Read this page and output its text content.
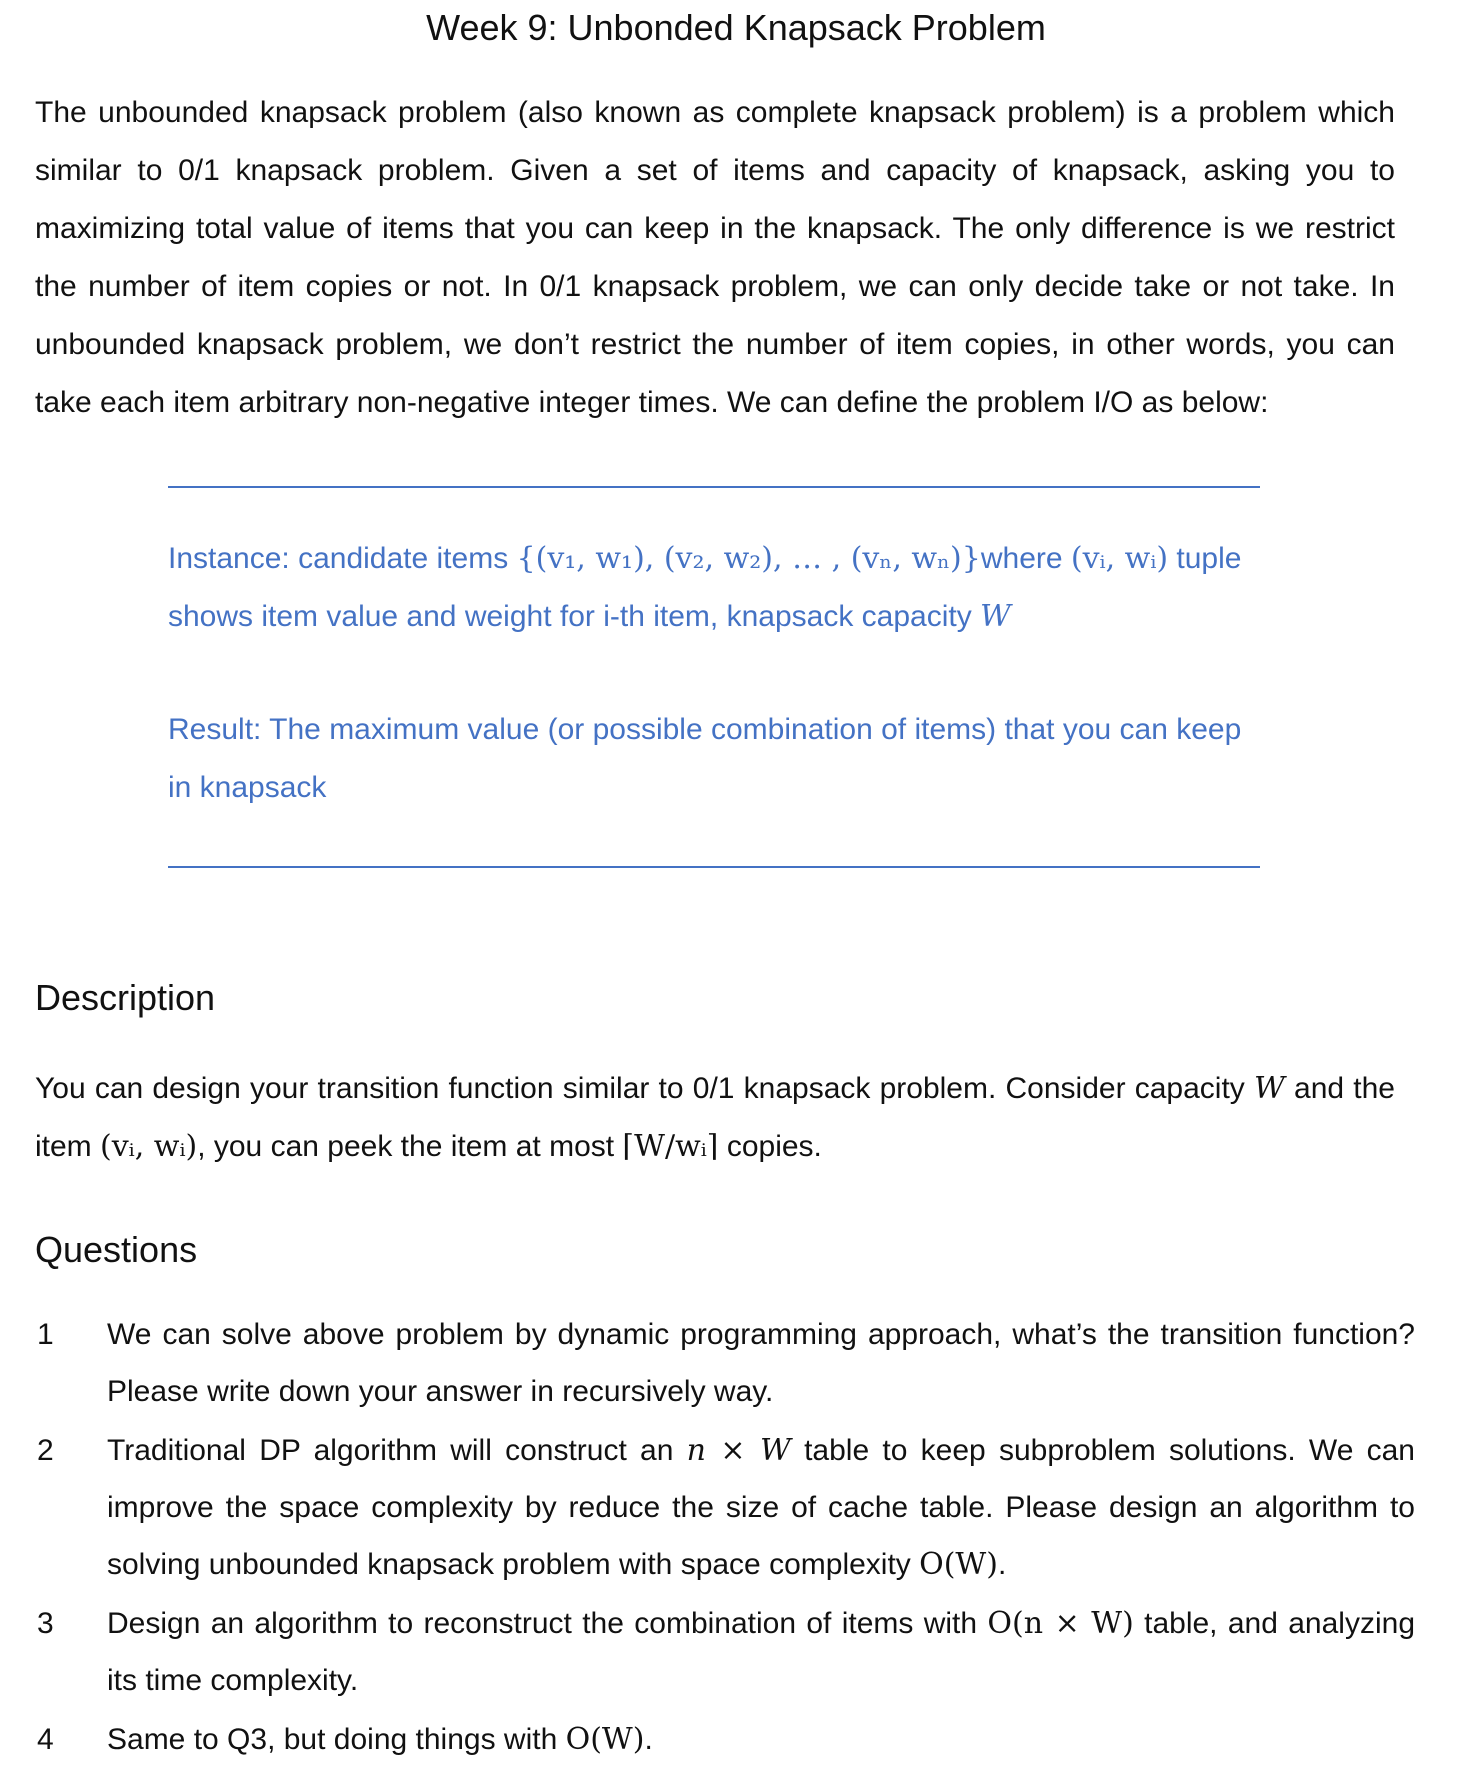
Week 9: Unbonded Knapsack Problem

The unbounded knapsack problem (also known as complete knapsack problem) is a problem which similar to 0/1 knapsack problem. Given a set of items and capacity of knapsack, asking you to maximizing total value of items that you can keep in the knapsack. The only difference is we restrict the number of item copies or not. In 0/1 knapsack problem, we can only decide take or not take. In unbounded knapsack problem, we don’t restrict the number of item copies, in other words, you can take each item arbitrary non-negative integer times. We can define the problem I/O as below:

Instance: candidate items {(v₁, w₁), (v₂, w₂), … , (vₙ, wₙ)}where (vᵢ, wᵢ) tuple shows item value and weight for i-th item, knapsack capacity W

Result: The maximum value (or possible combination of items) that you can keep in knapsack

Description

You can design your transition function similar to 0/1 knapsack problem. Consider capacity W and the item (vᵢ, wᵢ), you can peek the item at most ⌈W/wᵢ⌉ copies.

Questions
1	We can solve above problem by dynamic programming approach, what’s the transition function? Please write down your answer in recursively way.
2	Traditional DP algorithm will construct an n × W table to keep subproblem solutions. We can improve the space complexity by reduce the size of cache table. Please design an algorithm to solving unbounded knapsack problem with space complexity O(W).
3	Design an algorithm to reconstruct the combination of items with O(n × W) table, and analyzing its time complexity.
4	Same to Q3, but doing things with O(W).
